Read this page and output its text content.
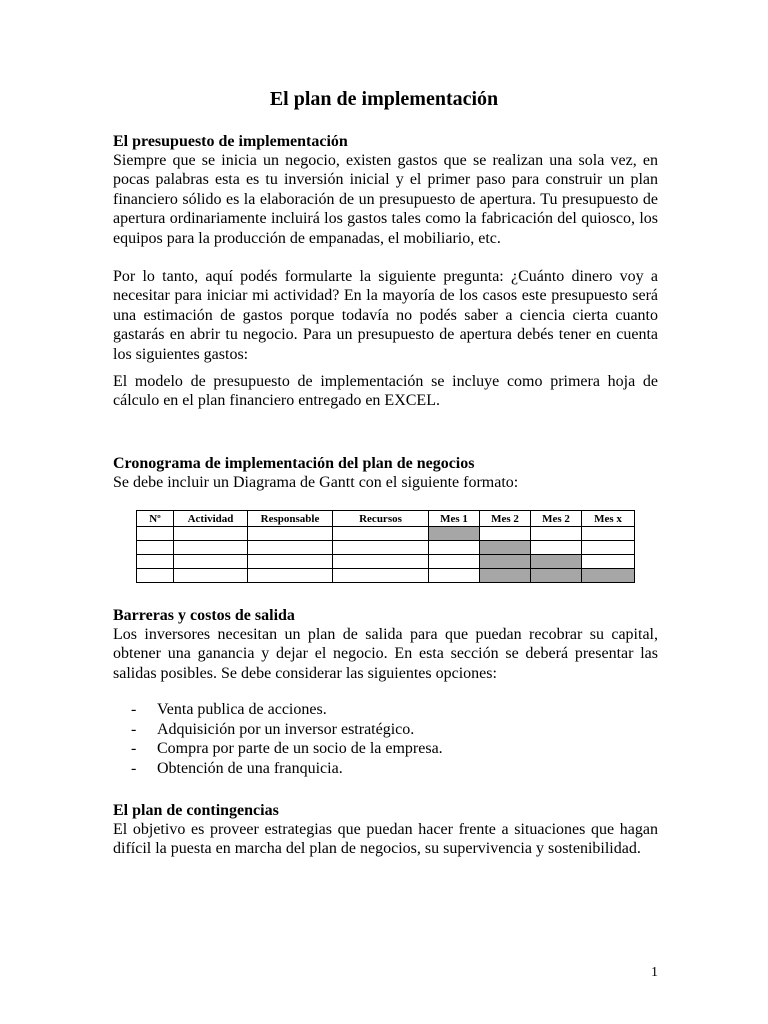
El plan de implementación
El presupuesto de implementación
Siempre que se inicia un negocio, existen gastos que se realizan una sola vez, en pocas palabras esta es tu inversión inicial y el primer paso para construir un plan financiero sólido es la elaboración de un presupuesto de apertura. Tu presupuesto de apertura ordinariamente incluirá los gastos tales como la fabricación del quiosco, los equipos para la producción de empanadas, el mobiliario, etc.
Por lo tanto, aquí podés formularte la siguiente pregunta: ¿Cuánto dinero voy a necesitar para iniciar mi actividad? En la mayoría de los casos este presupuesto será una estimación de gastos porque todavía no podés saber a ciencia cierta cuanto gastarás en abrir tu negocio. Para un presupuesto de apertura debés tener en cuenta los siguientes gastos:
El modelo de presupuesto de implementación se incluye como primera hoja de cálculo en el plan financiero entregado en EXCEL.
Cronograma de implementación del plan de negocios
Se debe incluir un Diagrama de Gantt con el siguiente formato:
Nº	Actividad	Responsable	Recursos	Mes 1	Mes 2	Mes 2	Mes x

Barreras y costos de salida
Los inversores necesitan un plan de salida para que puedan recobrar su capital, obtener una ganancia y dejar el negocio. En esta sección se deberá presentar las salidas posibles. Se debe considerar las siguientes opciones:
- Venta publica de acciones.
- Adquisición por un inversor estratégico.
- Compra por parte de un socio de la empresa.
- Obtención de una franquicia.
El plan de contingencias
El objetivo es proveer estrategias que puedan hacer frente a situaciones que hagan difícil la puesta en marcha del plan de negocios, su supervivencia y sostenibilidad.
1
